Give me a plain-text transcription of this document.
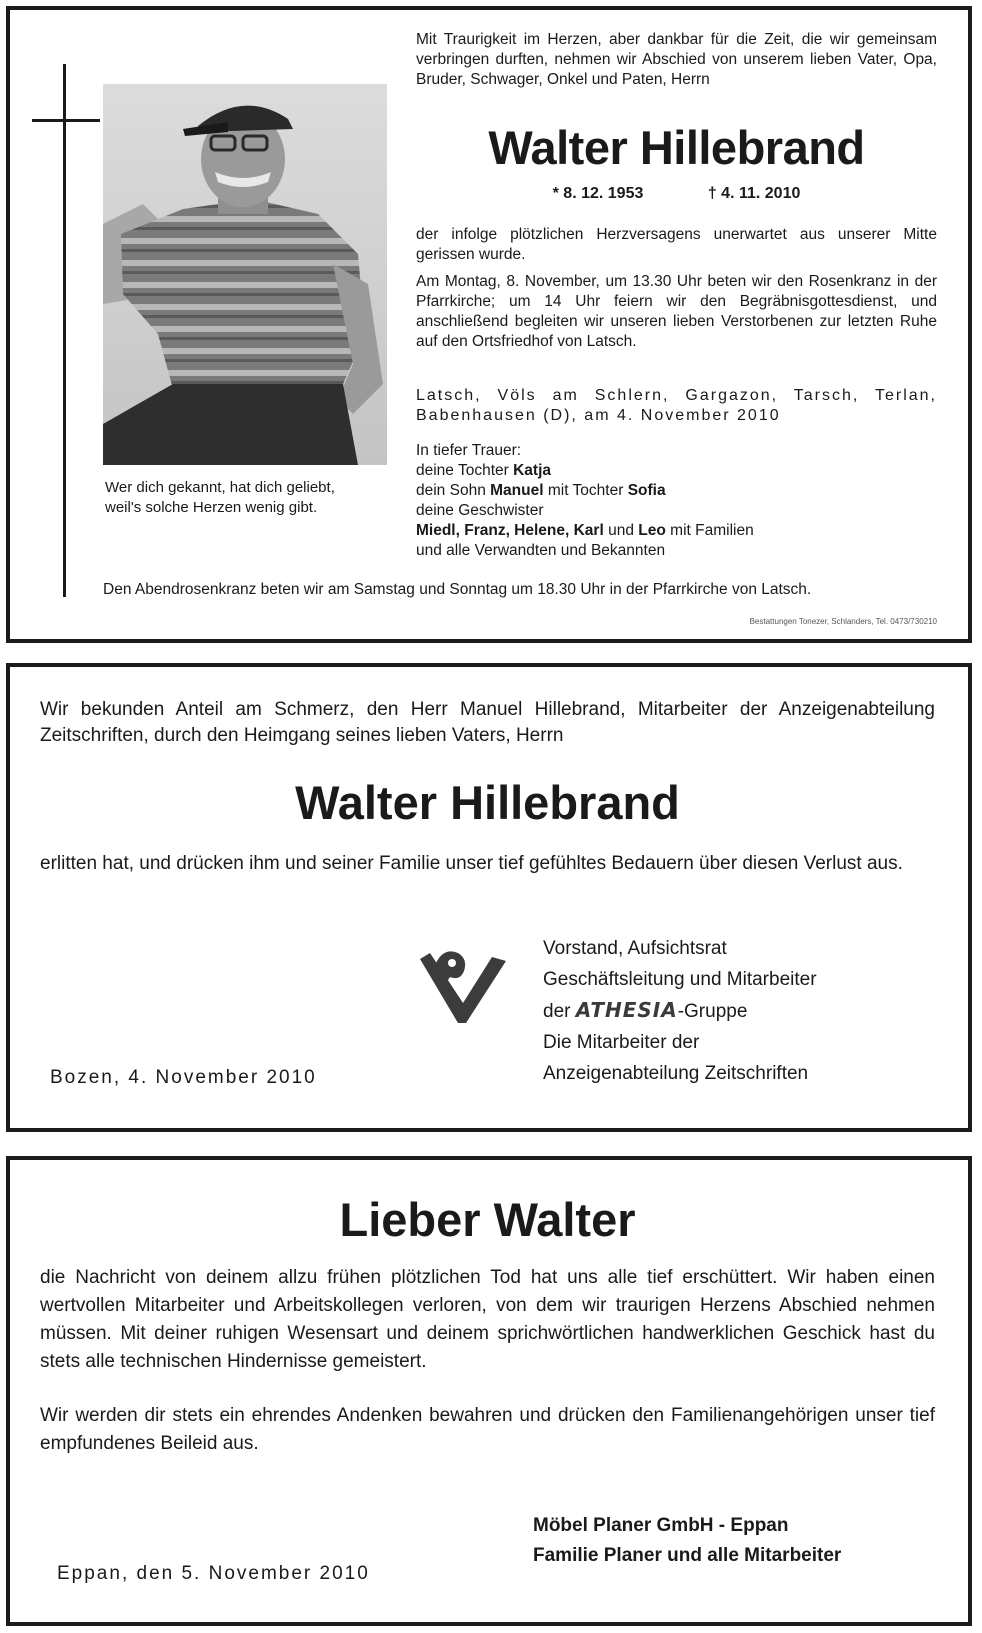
Wer dich gekannt, hat dich geliebt,
weil's solche Herzen wenig gibt.
Mit Traurigkeit im Herzen, aber dankbar für die Zeit, die wir gemeinsam verbringen durften, nehmen wir Abschied von unserem lieben Vater, Opa, Bruder, Schwager, Onkel und Paten, Herrn
Walter Hillebrand
* 8. 12. 1953	† 4. 11. 2010
der infolge plötzlichen Herzversagens unerwartet aus unserer Mitte gerissen wurde.
Am Montag, 8. November, um 13.30 Uhr beten wir den Rosenkranz in der Pfarrkirche; um 14 Uhr feiern wir den Begräbnisgottesdienst, und anschließend begleiten wir unseren lieben Verstorbenen zur letzten Ruhe auf den Ortsfriedhof von Latsch.
Latsch, Völs am Schlern, Gargazon, Tarsch, Terlan, Babenhausen (D), am 4. November 2010

In tiefer Trauer:

deine Tochter Katja

dein Sohn Manuel mit Tochter Sofia

deine Geschwister

Miedl, Franz, Helene, Karl und Leo mit Familien

und alle Verwandten und Bekannten

Den Abendrosenkranz beten wir am Samstag und Sonntag um 18.30 Uhr in der Pfarrkirche von Latsch.
Bestattungen Tonezer, Schlanders, Tel. 0473/730210
Wir bekunden Anteil am Schmerz, den Herr Manuel Hillebrand, Mitarbeiter der Anzeigenabteilung Zeitschriften, durch den Heimgang seines lieben Vaters, Herrn
Walter Hillebrand
erlitten hat, und drücken ihm und seiner Familie unser tief gefühltes Bedauern über diesen Verlust aus.

Vorstand, Aufsichtsrat

Geschäftsleitung und Mitarbeiter

der ATHESIA-Gruppe

Die Mitarbeiter der

Anzeigenabteilung Zeitschriften

Bozen, 4. November 2010
Lieber Walter
die Nachricht von deinem allzu frühen plötzlichen Tod hat uns alle tief erschüttert. Wir haben einen wertvollen Mitarbeiter und Arbeitskollegen verloren, von dem wir traurigen Herzens Abschied nehmen müssen. Mit deiner ruhigen Wesensart und deinem sprichwörtlichen handwerklichen Geschick hast du stets alle technischen Hindernisse gemeistert.
Wir werden dir stets ein ehrendes Andenken bewahren und drücken den Familienangehörigen unser tief empfundenes Beileid aus.

Möbel Planer GmbH - Eppan

Familie Planer und alle Mitarbeiter

Eppan, den 5. November 2010
